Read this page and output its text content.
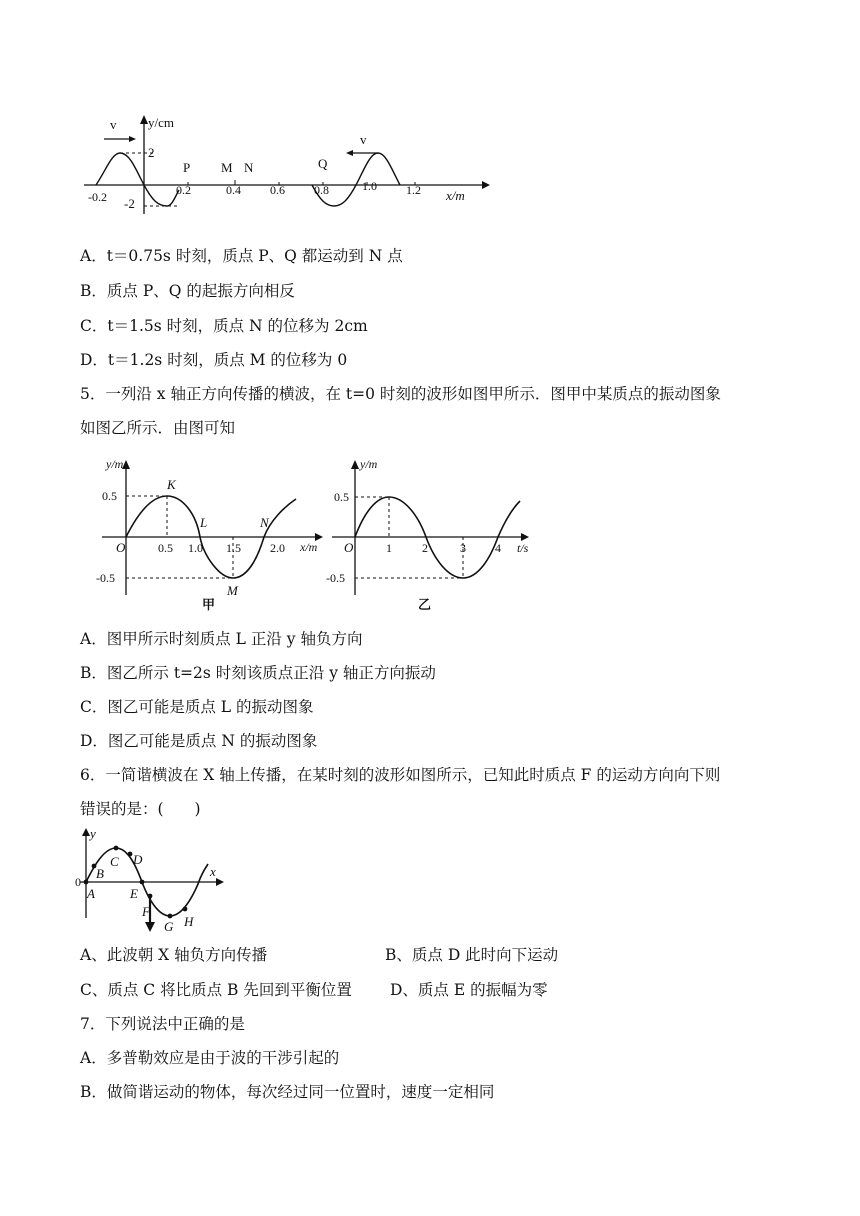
v
v
y/cm
x/m
2
-2
-0.2	0.2	0.4 0.6 0.8	1.0 1.2
P M N	Q
A．t＝0.75s 时刻，质点 P、Q 都运动到 N 点
B．质点 P、Q 的起振方向相反
C．t＝1.5s 时刻，质点 N 的位移为 2cm
D．t＝1.2s 时刻，质点 M 的位移为 0
5．一列沿 x 轴正方向传播的横波，在 t=0 时刻的波形如图甲所示．图甲中某质点的振动图象
如图乙所示．由图可知
y/m
x/m
O
0.5
-0.5
0.5 1.0 1.5 2.0
K
L	N
M
甲
y/m
t/s
O
0.5
-0.5
1	2	3 4
乙
A．图甲所示时刻质点 L 正沿 y 轴负方向
B．图乙所示 t=2s 时刻该质点正沿 y 轴正方向振动
C．图乙可能是质点 L 的振动图象
D．图乙可能是质点 N 的振动图象
6．一简谐横波在 X 轴上传播，在某时刻的波形如图所示，已知此时质点 F 的运动方向向下则
错误的是：(　　)
y
x
0
A
B
C D
E
F
G H
A、此波朝 X 轴负方向传播	B、质点 D 此时向下运动
C、质点 C 将比质点 B 先回到平衡位置 D、质点 E 的振幅为零
7．下列说法中正确的是
A．多普勒效应是由于波的干涉引起的
B．做简谐运动的物体，每次经过同一位置时，速度一定相同
